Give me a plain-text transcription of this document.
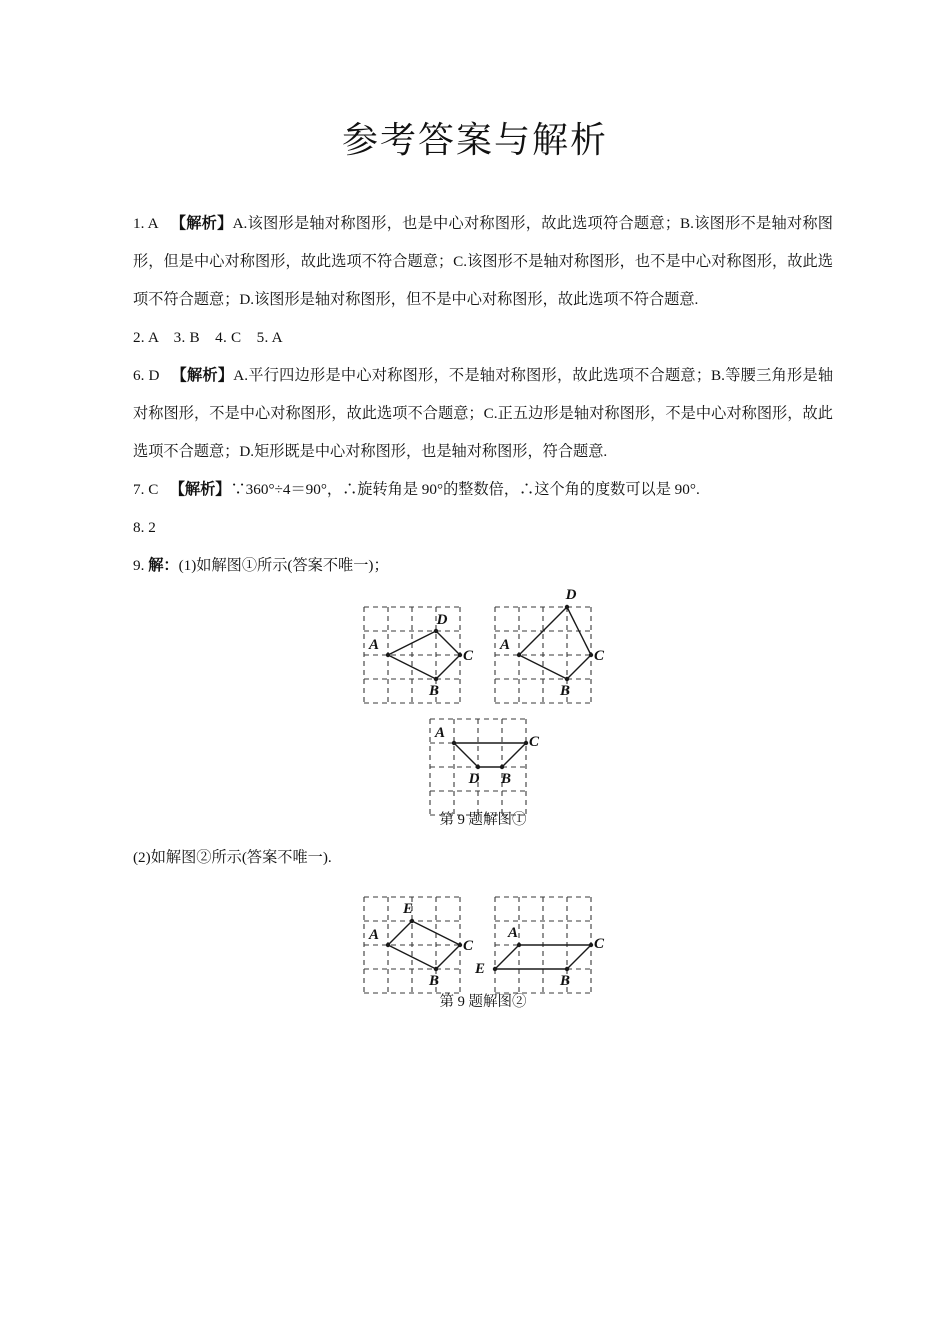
参考答案与解析

1. A 【解析】A.该图形是轴对称图形，也是中心对称图形，故此选项符合题意；B.该图形不是轴对称图形，但是中心对称图形，故此选项不符合题意；C.该图形不是轴对称图形，也不是中心对称图形，故此选项不符合题意；D.该图形是轴对称图形，但不是中心对称图形，故此选项不符合题意.

2. A　3. B　4. C　5. A

6. D 【解析】A.平行四边形是中心对称图形，不是轴对称图形，故此选项不合题意；B.等腰三角形是轴对称图形，不是中心对称图形，故此选项不合题意；C.正五边形是轴对称图形，不是中心对称图形，故此选项不合题意；D.矩形既是中心对称图形，也是轴对称图形，符合题意.

7. C 【解析】∵360°÷4＝90°，∴旋转角是 90°的整数倍，∴这个角的度数可以是 90°.

8. 2

9. 解：(1)如解图①所示(答案不唯一)；

A
D
C
B
A
D
C
B
A
C
D B
第 9 题解图①

(2)如解图②所示(答案不唯一).

A
E
C
B
A
C
E
B
第 9 题解图②
